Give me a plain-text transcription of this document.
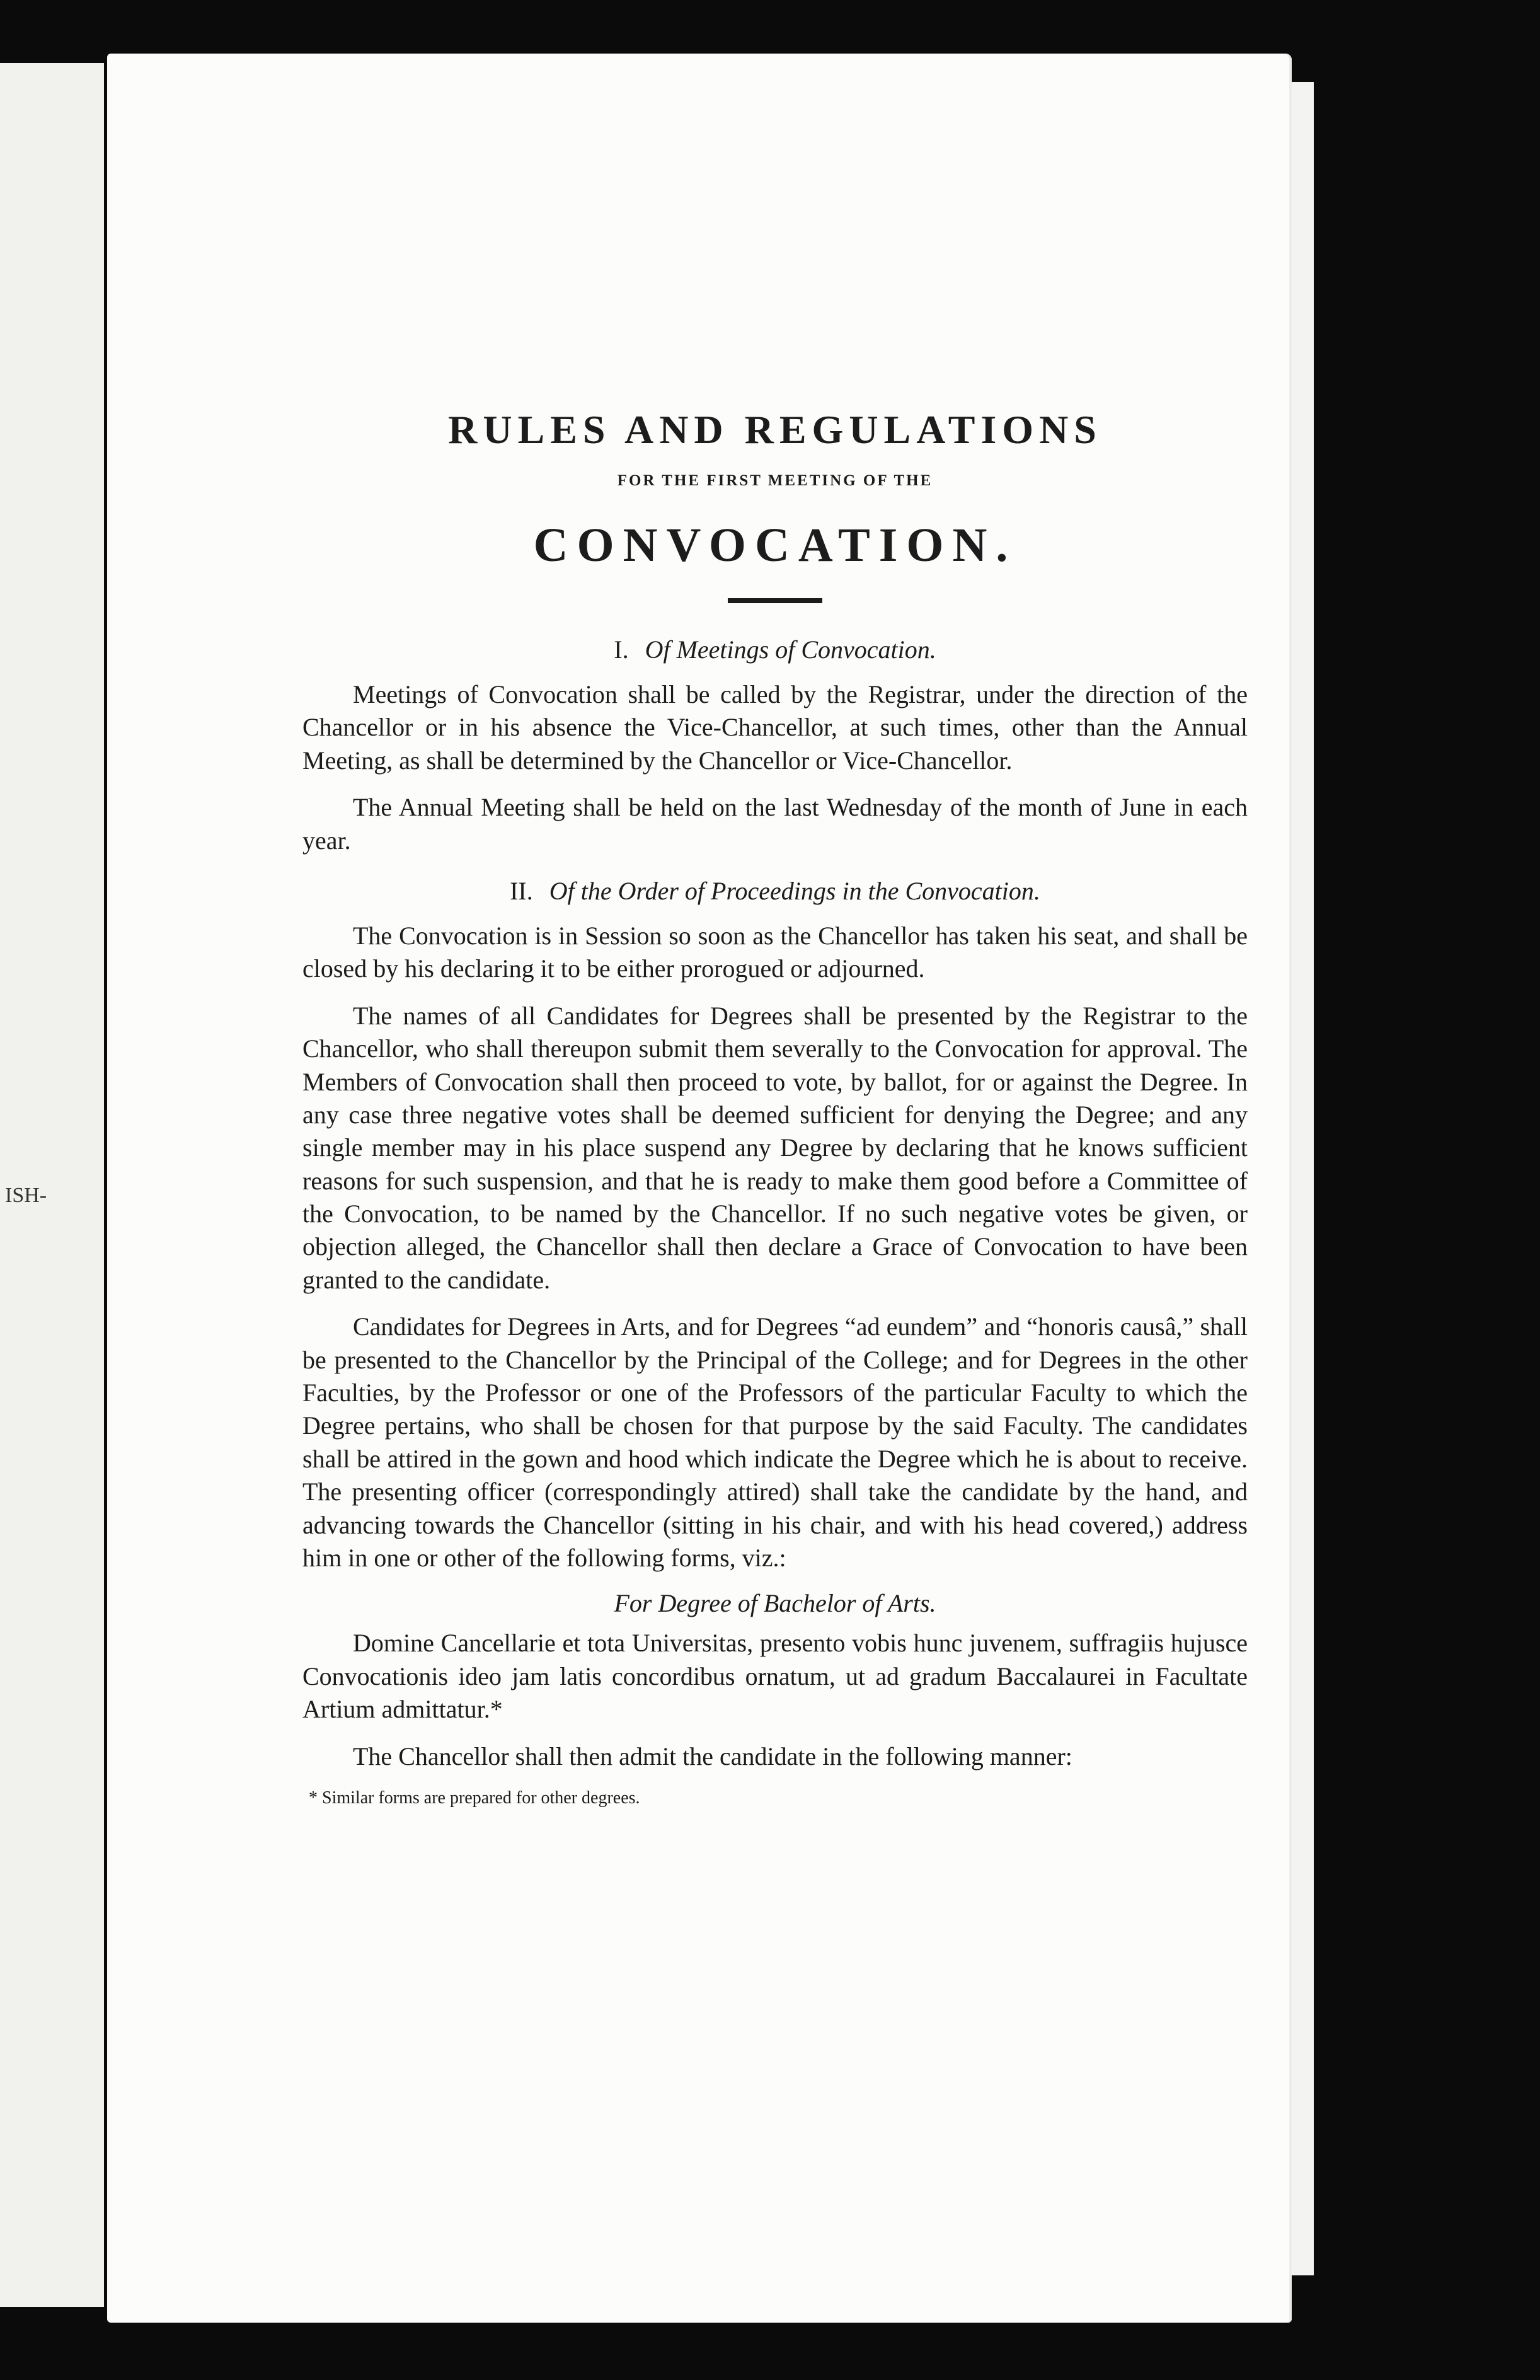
ISH-
RULES AND REGULATIONS
FOR THE FIRST MEETING OF THE
CONVOCATION.
I. Of Meetings of Convocation.

Meetings of Convocation shall be called by the Registrar, under the direction of the Chancellor or in his absence the Vice-Chancellor, at such times, other than the Annual Meeting, as shall be determined by the Chancellor or Vice-Chancellor.

The Annual Meeting shall be held on the last Wednesday of the month of June in each year.

II. Of the Order of Proceedings in the Convocation.

The Convocation is in Session so soon as the Chancellor has taken his seat, and shall be closed by his declaring it to be either prorogued or adjourned.

The names of all Candidates for Degrees shall be presented by the Registrar to the Chancellor, who shall thereupon submit them severally to the Convocation for approval. The Members of Convocation shall then proceed to vote, by ballot, for or against the Degree. In any case three negative votes shall be deemed sufficient for denying the Degree; and any single member may in his place suspend any Degree by declaring that he knows sufficient reasons for such suspension, and that he is ready to make them good before a Committee of the Convocation, to be named by the Chancellor. If no such negative votes be given, or objection alleged, the Chancellor shall then declare a Grace of Convocation to have been granted to the candidate.

Candidates for Degrees in Arts, and for Degrees “ad eundem” and “honoris causâ,” shall be presented to the Chancellor by the Principal of the College; and for Degrees in the other Faculties, by the Professor or one of the Professors of the particular Faculty to which the Degree pertains, who shall be chosen for that purpose by the said Faculty. The candidates shall be attired in the gown and hood which indicate the Degree which he is about to receive. The presenting officer (correspondingly attired) shall take the candidate by the hand, and advancing towards the Chancellor (sitting in his chair, and with his head covered,) address him in one or other of the following forms, viz.:

For Degree of Bachelor of Arts.

Domine Cancellarie et tota Universitas, presento vobis hunc juvenem, suffragiis hujusce Convocationis ideo jam latis concordibus ornatum, ut ad gradum Baccalaurei in Facultate Artium admittatur.*

The Chancellor shall then admit the candidate in the following manner:

* Similar forms are prepared for other degrees.
